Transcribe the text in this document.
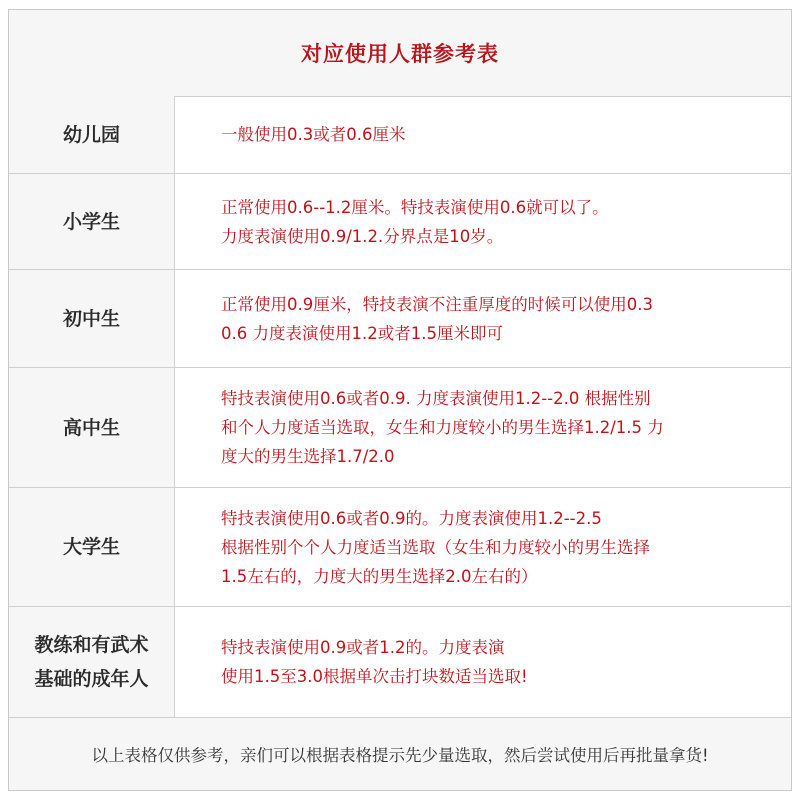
对应使用人群参考表
幼儿园	一般使用0.3或者0.6厘米
小学生
正常使用0.6--1.2厘米。特技表演使用0.6就可以了。
力度表演使用0.9/1.2.分界点是10岁。
初中生
正常使用0.9厘米，特技表演不注重厚度的时候可以使用0.3
0.6 力度表演使用1.2或者1.5厘米即可
高中生
特技表演使用0.6或者0.9. 力度表演使用1.2--2.0 根据性别
和个人力度适当选取，女生和力度较小的男生选择1.2/1.5 力
度大的男生选择1.7/2.0
大学生
特技表演使用0.6或者0.9的。力度表演使用1.2--2.5
根据性别个个人力度适当选取（女生和力度较小的男生选择
1.5左右的，力度大的男生选择2.0左右的）
教练和有武术
基础的成年人
特技表演使用0.9或者1.2的。力度表演
使用1.5至3.0根据单次击打块数适当选取!
以上表格仅供参考，亲们可以根据表格提示先少量选取，然后尝试使用后再批量拿货!
